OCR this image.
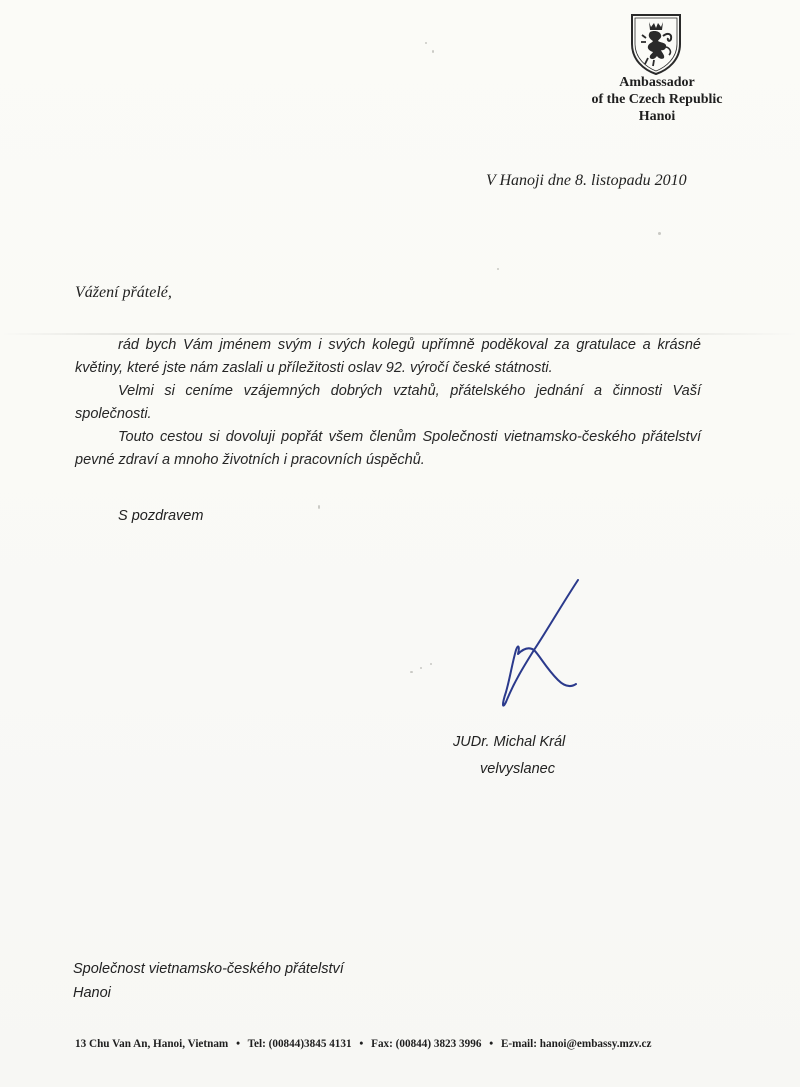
Ambassador
of the Czech Republic
Hanoi
V Hanoji dne 8. listopadu 2010
Vážení přátelé,

rád bych Vám jménem svým i svých kolegů upřímně poděkoval za gratulace a krásné květiny, které jste nám zaslali u příležitosti oslav 92. výročí české státnosti.

Velmi si ceníme vzájemných dobrých vztahů, přátelského jednání a činnosti Vaší společnosti.

Touto cestou si dovoluji popřát všem členům Společnosti vietnamsko-českého přátelství pevné zdraví a mnoho životních i pracovních úspěchů.

S pozdravem
JUDr. Michal Král
velvyslanec
Společnost vietnamsko-českého přátelství
Hanoi
13 Chu Van An, Hanoi, Vietnam • Tel: (00844)3845 4131 • Fax: (00844) 3823 3996 • E-mail: hanoi@embassy.mzv.cz
